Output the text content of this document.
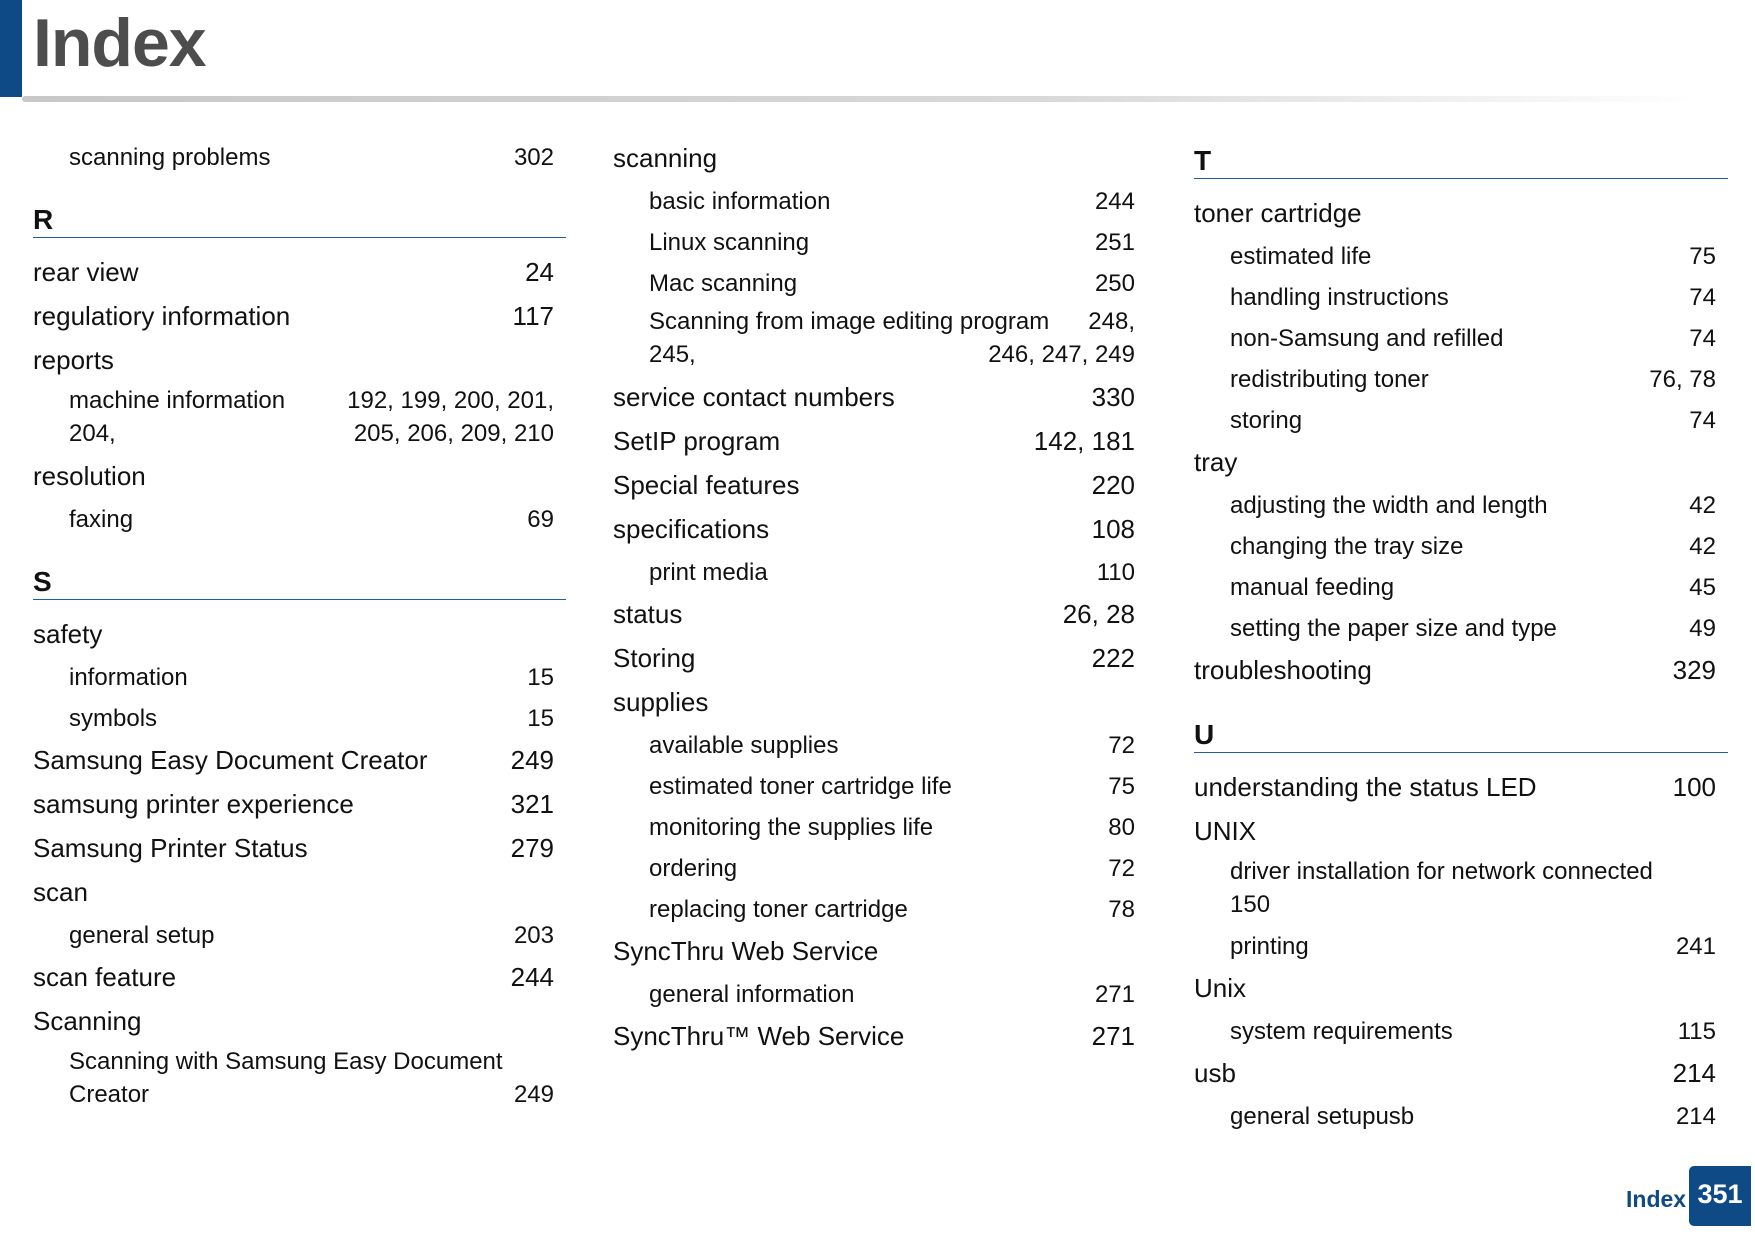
Index
scanning problems	302
R
rear view	24
regulatiory information	117
reports
machine information	192, 199, 200, 201,
204,	205, 206, 209, 210
resolution
faxing	69
S
safety
information	15
symbols	15
Samsung Easy Document Creator	249
samsung printer experience	321
Samsung Printer Status	279
scan
general setup	203
scan feature	244
Scanning
Scanning with Samsung Easy Document
Creator	249
scanning
basic information	244
Linux scanning	251
Mac scanning	250
Scanning from image editing program 248,
245,	246, 247, 249
service contact numbers	330
SetIP program	142, 181
Special features	220
specifications	108
print media	110
status	26, 28
Storing	222
supplies
available supplies	72
estimated toner cartridge life	75
monitoring the supplies life	80
ordering	72
replacing toner cartridge	78
SyncThru Web Service
general information	271
SyncThru™ Web Service	271
T
toner cartridge
estimated life	75
handling instructions	74
non-Samsung and refilled	74
redistributing toner	76, 78
storing	74
tray
adjusting the width and length	42
changing the tray size	42
manual feeding	45
setting the paper size and type	49
troubleshooting	329
U
understanding the status LED	100
UNIX
driver installation for network connected
150
printing	241
Unix
system requirements	115
usb	214
general setupusb	214
Index 351
